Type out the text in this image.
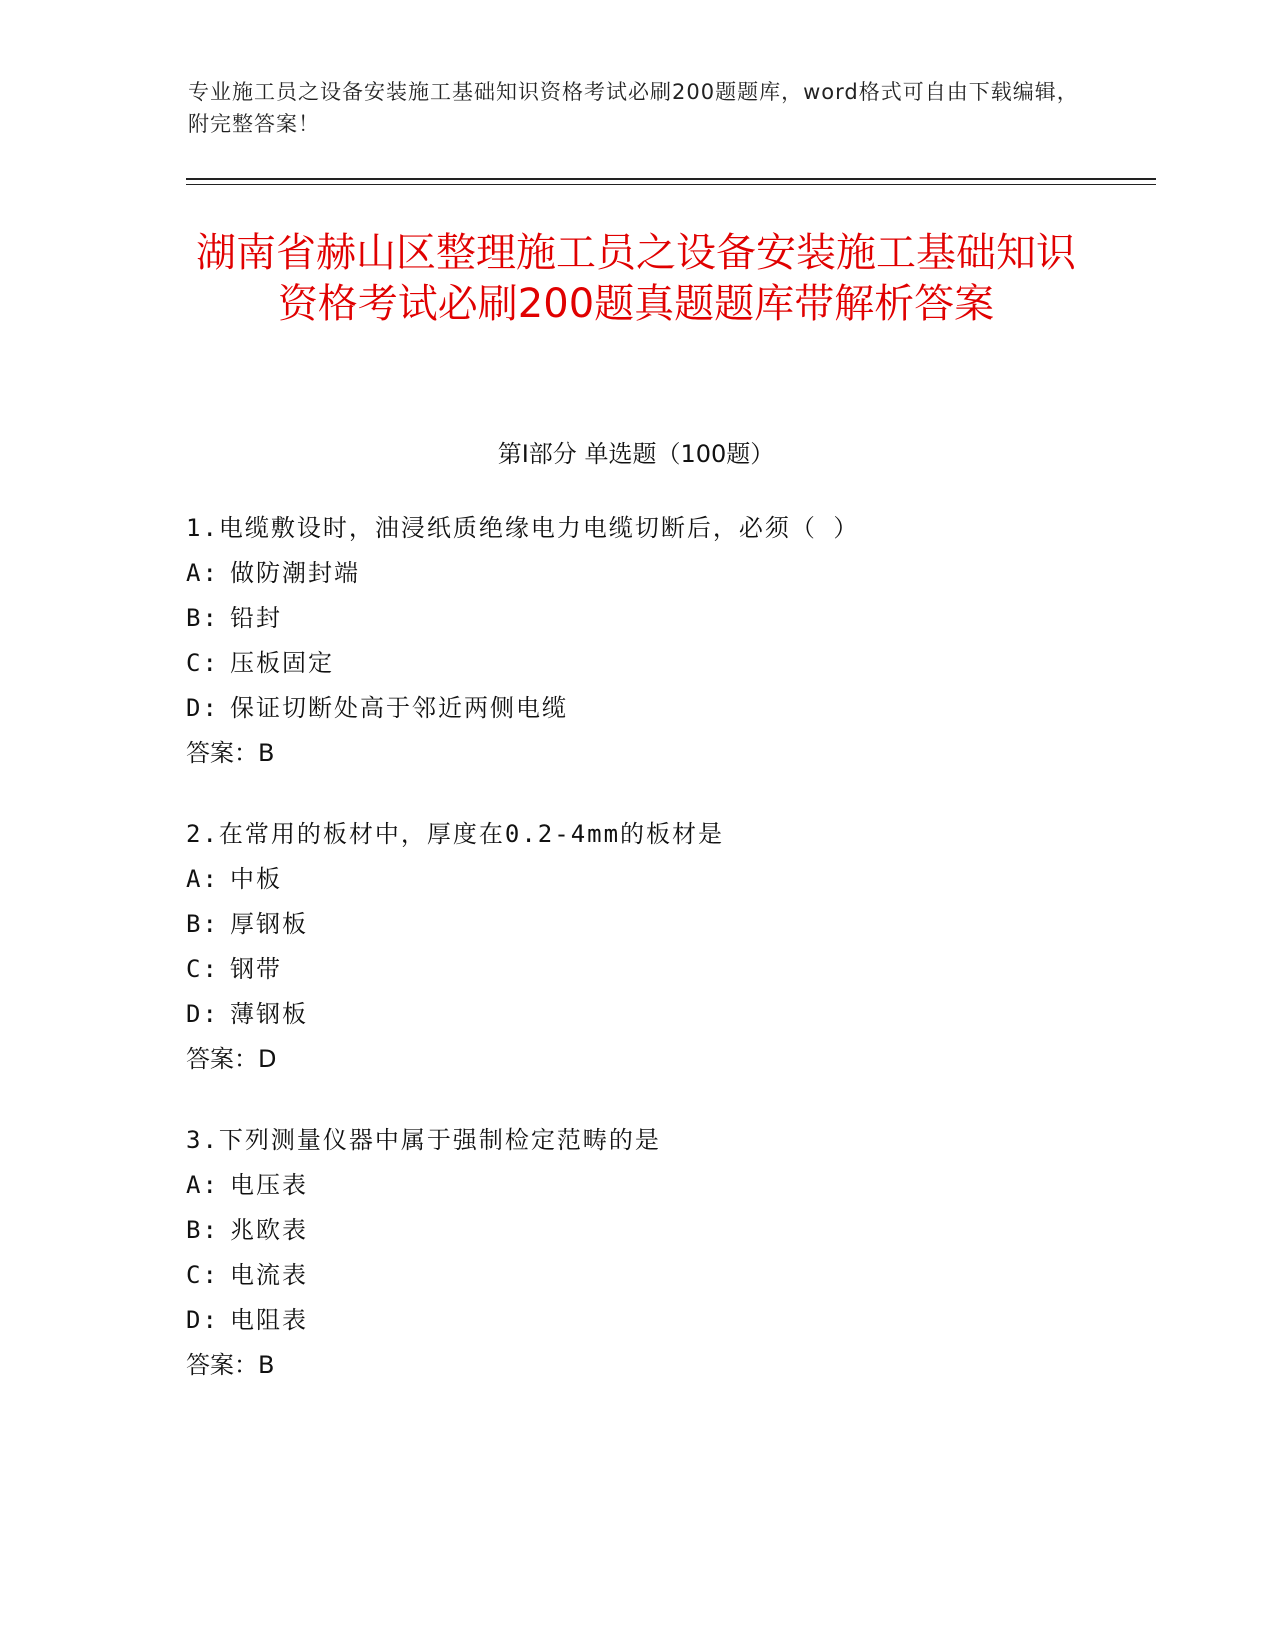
专业施工员之设备安装施工基础知识资格考试必刷200题题库，word格式可自由下载编辑，附完整答案！
湖南省赫山区整理施工员之设备安装施工基础知识资格考试必刷200题真题题库带解析答案
第Ⅰ部分 单选题（100题）
1.电缆敷设时，油浸纸质绝缘电力电缆切断后，必须（ ）
A: 做防潮封端
B: 铅封
C: 压板固定
D: 保证切断处高于邻近两侧电缆
答案：B
2.在常用的板材中，厚度在0.2-4mm的板材是
A: 中板
B: 厚钢板
C: 钢带
D: 薄钢板
答案：D
3.下列测量仪器中属于强制检定范畴的是
A: 电压表
B: 兆欧表
C: 电流表
D: 电阻表
答案：B
